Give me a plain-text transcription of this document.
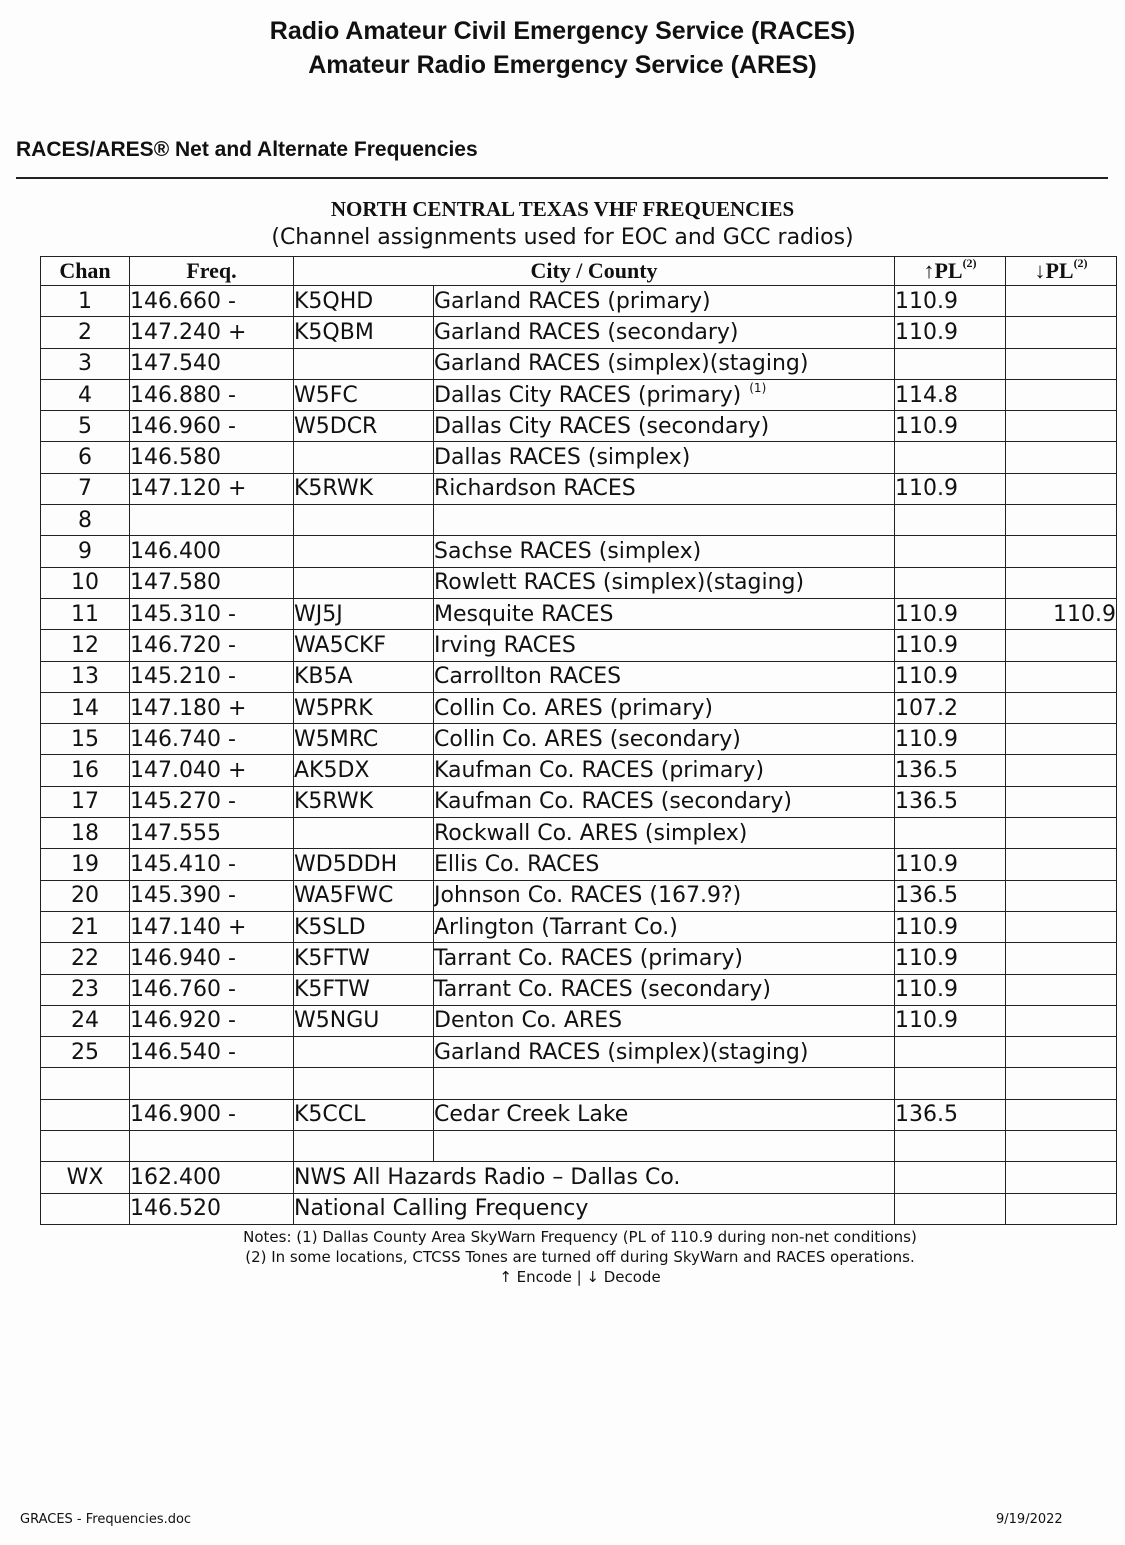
Radio Amateur Civil Emergency Service (RACES)
Amateur Radio Emergency Service (ARES)
RACES/ARES® Net and Alternate Frequencies
NORTH CENTRAL TEXAS VHF FREQUENCIES
(Channel assignments used for EOC and GCC radios)
Chan	Freq.	City / County		↑PL$^{(2)}$	↓PL$^{(2)}$
1	146.660 -	K5QHD	Garland RACES (primary)	110.9	
2	147.240 +	K5QBM	Garland RACES (secondary)	110.9	
3	147.540		Garland RACES (simplex)(staging)		
4	146.880 -	W5FC	Dallas City RACES (primary) $^{(1)}$	114.8	
5	146.960 -	W5DCR	Dallas City RACES (secondary)	110.9	
6	146.580		Dallas RACES (simplex)		
7	147.120 +	K5RWK	Richardson RACES	110.9	
8					
9	146.400		Sachse RACES (simplex)		
10	147.580		Rowlett RACES (simplex)(staging)		
11	145.310 -	WJ5J	Mesquite RACES	110.9	110.9
12	146.720 -	WA5CKF	Irving RACES	110.9	
13	145.210 -	KB5A	Carrollton RACES	110.9	
14	147.180 +	W5PRK	Collin Co. ARES (primary)	107.2	
15	146.740 -	W5MRC	Collin Co. ARES (secondary)	110.9	
16	147.040 +	AK5DX	Kaufman Co. RACES (primary)	136.5	
17	145.270 -	K5RWK	Kaufman Co. RACES (secondary)	136.5	
18	147.555		Rockwall Co. ARES (simplex)		
19	145.410 -	WD5DDH	Ellis Co. RACES	110.9	
20	145.390 -	WA5FWC	Johnson Co. RACES (167.9?)	136.5	
21	147.140 +	K5SLD	Arlington (Tarrant Co.)	110.9	
22	146.940 -	K5FTW	Tarrant Co. RACES (primary)	110.9	
23	146.760 -	K5FTW	Tarrant Co. RACES (secondary)	110.9	
24	146.920 -	W5NGU	Denton Co. ARES	110.9	
25	146.540 -		Garland RACES (simplex)(staging)		

	146.900 -	K5CCL	Cedar Creek Lake	136.5	

WX	162.400	NWS All Hazards Radio – Dallas Co.			
	146.520	National Calling Frequency			
Notes: (1) Dallas County Area SkyWarn Frequency (PL of 110.9 during non-net conditions)
(2) In some locations, CTCSS Tones are turned off during SkyWarn and RACES operations.
↑ Encode | ↓ Decode
GRACES - Frequencies.doc	9/19/2022
